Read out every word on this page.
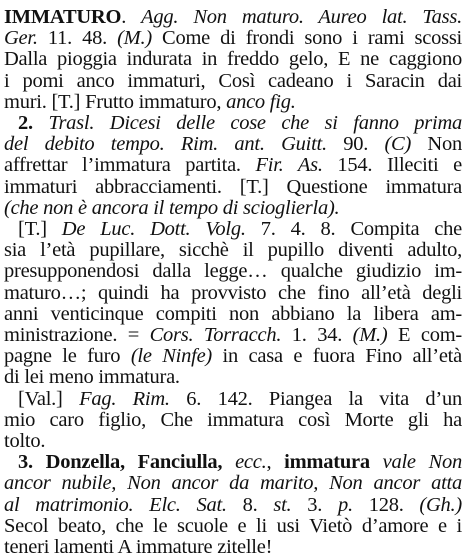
IMMATURO. Agg. Non maturo. Aureo lat. Tass.
Ger. 11. 48. (M.) Come di frondi sono i rami scossi
Dalla pioggia indurata in freddo gelo, E ne caggiono
i pomi anco immaturi, Così cadeano i Saracin dai
muri. [T.] Frutto immaturo, anco fig.
2. Trasl. Dicesi delle cose che si fanno prima
del debito tempo. Rim. ant. Guitt. 90. (C) Non
affrettar l’immatura partita. Fir. As. 154. Illeciti e
immaturi abbracciamenti. [T.] Questione immatura
(che non è ancora il tempo di scioglierla).
[T.] De Luc. Dott. Volg. 7. 4. 8. Compita che
sia l’età pupillare, sicchè il pupillo diventi adulto,
presupponendosi dalla legge… qualche giudizio im-
maturo…; quindi ha provvisto che fino all’età degli
anni venticinque compiti non abbiano la libera am-
ministrazione. = Cors. Torracch. 1. 34. (M.) E com-
pagne le furo (le Ninfe) in casa e fuora Fino all’età
di lei meno immatura.
[Val.] Fag. Rim. 6. 142. Piangea la vita d’un
mio caro figlio, Che immatura così Morte gli ha
tolto.
3. Donzella, Fanciulla, ecc., immatura vale Non
ancor nubile, Non ancor da marito, Non ancor atta
al matrimonio. Elc. Sat. 8. st. 3. p. 128. (Gh.)
Secol beato, che le scuole e li usi Vietò d’amore e i
teneri lamenti A immature zitelle!
